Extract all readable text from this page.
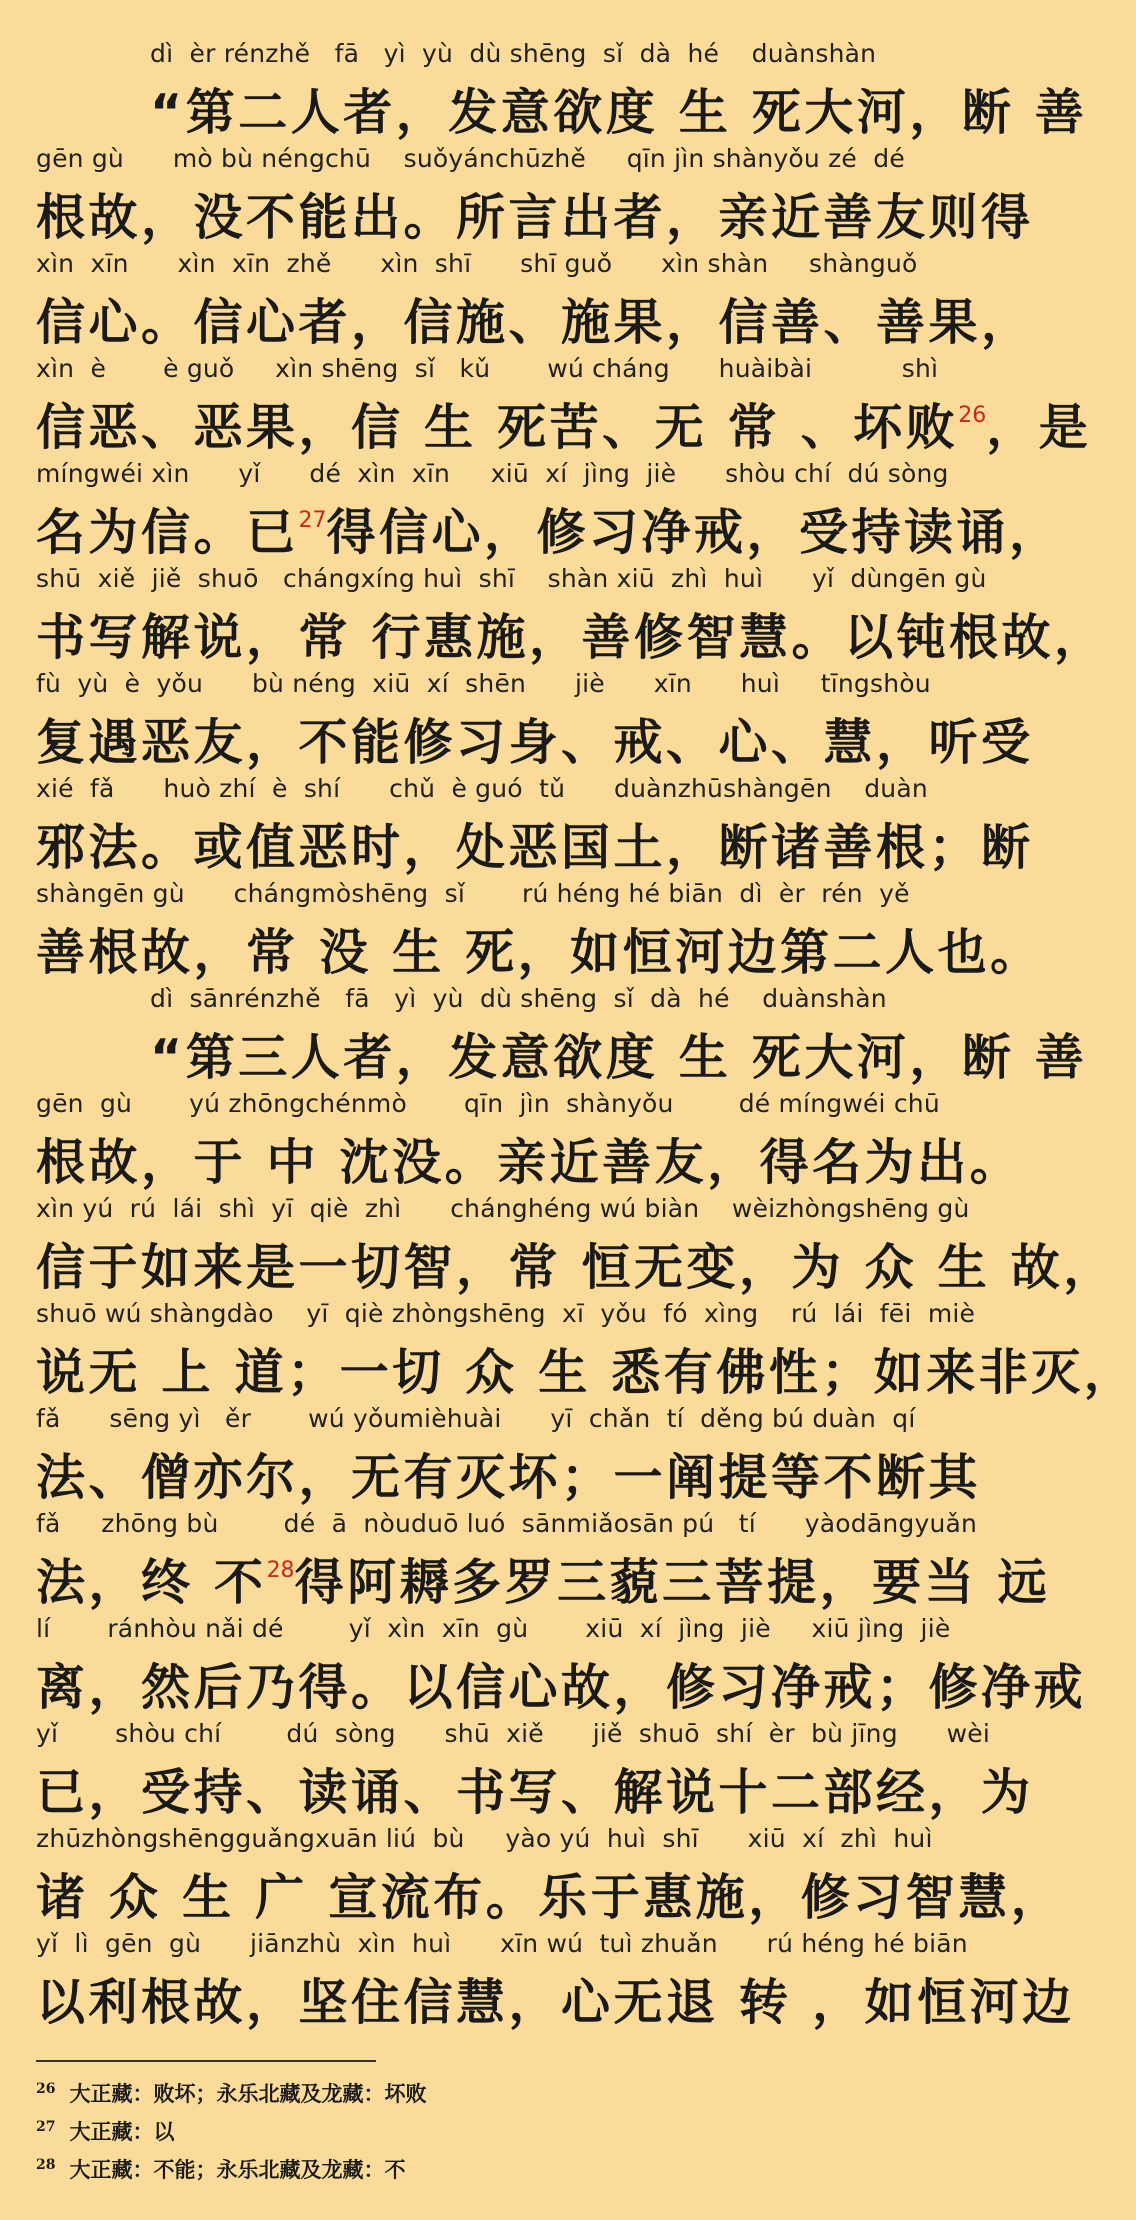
dì  èr rénzhě   fā   yì  yù  dù shēng  sǐ  dà  hé    duànshàn
“第二人者，发意欲度 生 死大河，断 善
gēn gù      mò bù néngchū    suǒyánchūzhě     qīn jìn shànyǒu zé  dé
根故，没不能出。所言出者，亲近善友则得
xìn  xīn      xìn  xīn  zhě      xìn  shī      shī guǒ      xìn shàn     shànguǒ
信心。信心者，信施、施果，信善、善果，
xìn  è       è guǒ     xìn shēng  sǐ   kǔ       wú cháng      huàibài           shì
信恶、恶果，信 生 死苦、无 常 、坏败$^{26}$，是
míngwéi xìn      yǐ      dé  xìn  xīn     xiū  xí  jìng  jiè      shòu chí  dú sòng
名为信。已$^{27}$得信心，修习净戒，受持读诵，
shū  xiě  jiě  shuō   chángxíng huì  shī    shàn xiū  zhì  huì      yǐ  dùngēn gù
书写解说，常 行惠施，善修智慧。以钝根故，
fù  yù  è  yǒu      bù néng  xiū  xí  shēn      jiè      xīn      huì     tīngshòu
复遇恶友，不能修习身、戒、心、慧，听受
xié  fǎ      huò zhí  è  shí      chǔ  è guó  tǔ      duànzhūshàngēn    duàn
邪法。或值恶时，处恶国土，断诸善根；断
shàngēn gù      chángmòshēng  sǐ       rú héng hé biān  dì  èr  rén  yě
善根故，常 没 生 死，如恒河边第二人也。
dì  sānrénzhě   fā   yì  yù  dù shēng  sǐ  dà  hé    duànshàn
“第三人者，发意欲度 生 死大河，断 善
gēn  gù       yú zhōngchénmò       qīn  jìn  shànyǒu        dé míngwéi chū
根故，于 中 沈没。亲近善友，得名为出。
xìn yú  rú  lái  shì  yī  qiè  zhì      chánghéng wú biàn    wèizhòngshēng gù
信于如来是一切智，常 恒无变，为 众 生 故，
shuō wú shàngdào    yī  qiè zhòngshēng  xī  yǒu  fó  xìng    rú  lái  fēi  miè
说无 上 道；一切 众 生 悉有佛性；如来非灭，
fǎ      sēng yì   ěr       wú yǒumièhuài      yī  chǎn  tí  děng bú duàn  qí
法、僧亦尔，无有灭坏；一阐提等不断其
fǎ     zhōng bù        dé  ā  nòuduō luó  sānmiǎosān pú   tí      yàodāngyuǎn
法，终 不$^{28}$得阿耨多罗三藐三菩提，要当 远
lí       ránhòu nǎi dé        yǐ  xìn  xīn  gù       xiū  xí  jìng  jiè     xiū jìng  jiè
离，然后乃得。以信心故，修习净戒；修净戒
yǐ       shòu chí        dú  sòng      shū  xiě      jiě  shuō  shí  èr  bù jīng      wèi
已，受持、读诵、书写、解说十二部经，为
zhūzhòngshēngguǎngxuān liú  bù     yào yú  huì  shī      xiū  xí  zhì  huì
诸 众 生 广 宣流布。乐于惠施，修习智慧，
yǐ  lì  gēn  gù      jiānzhù  xìn  huì      xīn wú  tuì zhuǎn      rú héng hé biān
以利根故，坚住信慧，心无退 转 ，如恒河边
$^{26}$ 大正藏：败坏；永乐北藏及龙藏：坏败
$^{27}$ 大正藏：以
$^{28}$ 大正藏：不能；永乐北藏及龙藏：不
